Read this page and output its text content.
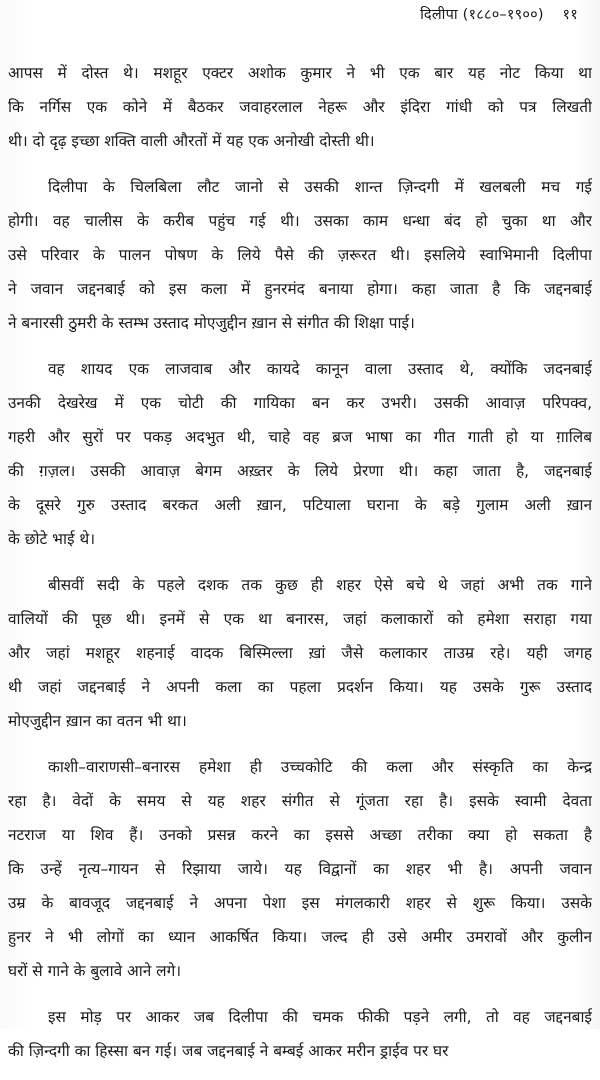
दिलीपा (१८८०–१९००) ११
आपस में दोस्त थे। मशहूर एक्टर अशोक कुमार ने भी एक बार यह नोट किया था
कि नर्गिस एक कोने में बैठकर जवाहरलाल नेहरू और इंदिरा गांधी को पत्र लिखती
थी। दो दृढ़ इच्छा शक्ति वाली औरतों में यह एक अनोखी दोस्ती थी।
दिलीपा के चिलबिला लौट जानो से उसकी शान्त ज़िन्दगी में खलबली मच गई
होगी। वह चालीस के करीब पहुंच गई थी। उसका काम धन्धा बंद हो चुका था और
उसे परिवार के पालन पोषण के लिये पैसे की ज़रूरत थी। इसलिये स्वाभिमानी दिलीपा
ने जवान जद्दनबाई को इस कला में हुनरमंद बनाया होगा। कहा जाता है कि जद्दनबाई
ने बनारसी ठुमरी के स्तम्भ उस्ताद मोएजुद्दीन ख़ान से संगीत की शिक्षा पाई।
वह शायद एक लाजवाब और कायदे कानून वाला उस्ताद थे, क्योंकि जदनबाई
उनकी देखरेख में एक चोटी की गायिका बन कर उभरी। उसकी आवाज़ परिपक्व,
गहरी और सुरों पर पकड़ अदभुत थी, चाहे वह ब्रज भाषा का गीत गाती हो या ग़ालिब
की ग़ज़ल। उसकी आवाज़ बेगम अख़्तर के लिये प्रेरणा थी। कहा जाता है, जद्दनबाई
के दूसरे गुरु उस्ताद बरकत अली ख़ान, पटियाला घराना के बड़े गुलाम अली ख़ान
के छोटे भाई थे।
बीसवीं सदी के पहले दशक तक कुछ ही शहर ऐसे बचे थे जहां अभी तक गाने
वालियों की पूछ थी। इनमें से एक था बनारस, जहां कलाकारों को हमेशा सराहा गया
और जहां मशहूर शहनाई वादक बिस्मिल्ला ख़ां जैसे कलाकार ताउम्र रहे। यही जगह
थी जहां जद्दनबाई ने अपनी कला का पहला प्रदर्शन किया। यह उसके गुरू उस्ताद
मोएजुद्दीन ख़ान का वतन भी था।
काशी–वाराणसी–बनारस हमेशा ही उच्चकोटि की कला और संस्कृति का केन्द्र
रहा है। वेदों के समय से यह शहर संगीत से गूंजता रहा है। इसके स्वामी देवता
नटराज या शिव हैं। उनको प्रसन्न करने का इससे अच्छा तरीका क्या हो सकता है
कि उन्हें नृत्य–गायन से रिझाया जाये। यह विद्वानों का शहर भी है। अपनी जवान
उम्र के बावजूद जद्दनबाई ने अपना पेशा इस मंगलकारी शहर से शुरू किया। उसके
हुनर ने भी लोगों का ध्यान आकर्षित किया। जल्द ही उसे अमीर उमरावों और कुलीन
घरों से गाने के बुलावे आने लगे।
इस मोड़ पर आकर जब दिलीपा की चमक फीकी पड़ने लगी, तो वह जद्दनबाई
की ज़िन्दगी का हिस्सा बन गई। जब जद्दनबाई ने बम्बई आकर मरीन ड्राईव पर घर
